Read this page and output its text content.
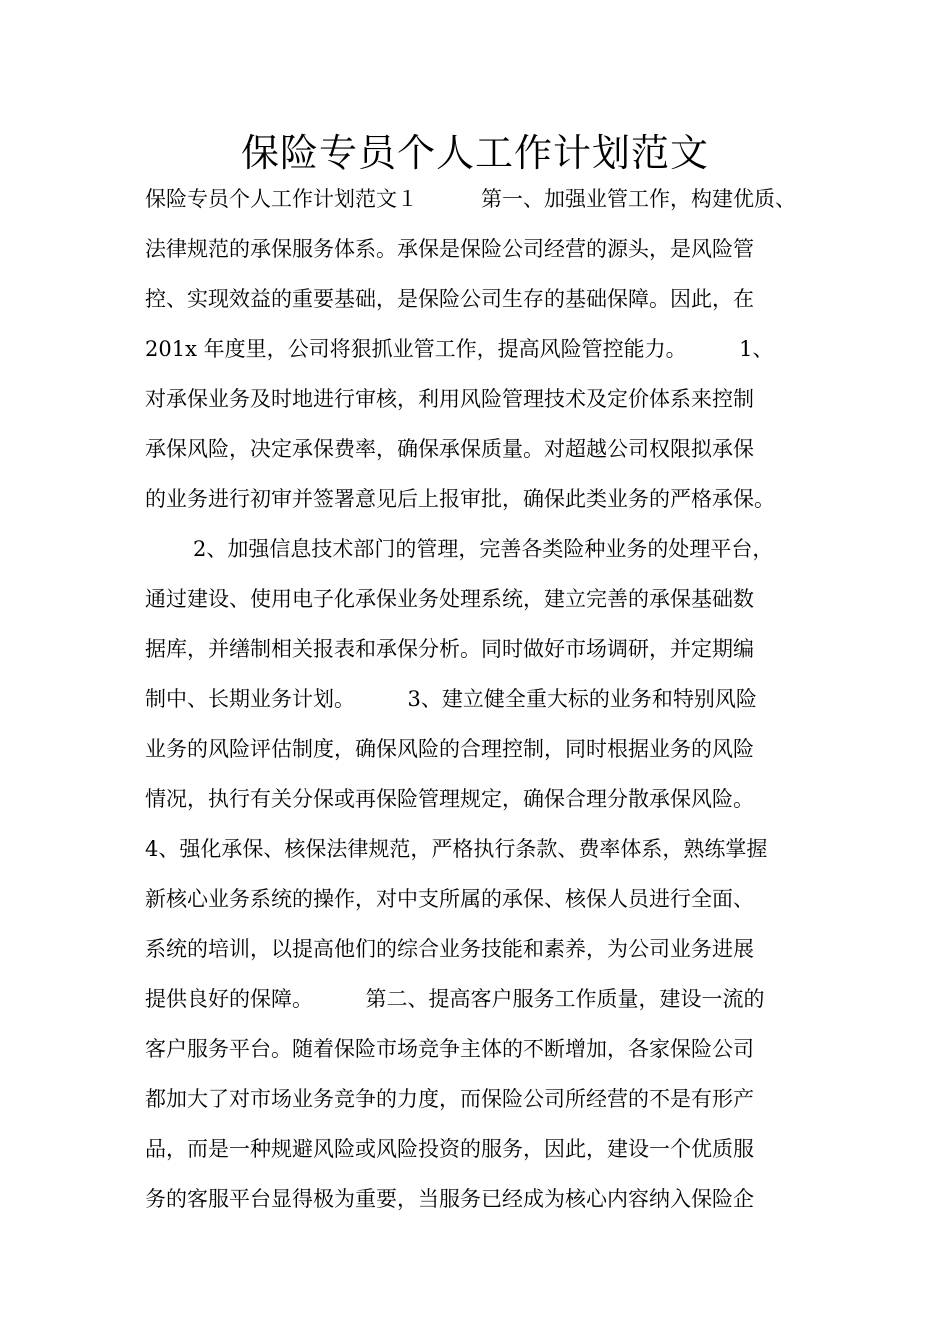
保险专员个人工作计划范文

保险专员个人工作计划范文１　　　第一、加强业管工作，构建优质、

法律规范的承保服务体系。承保是保险公司经营的源头，是风险管

控、实现效益的重要基础，是保险公司生存的基础保障。因此，在

201x 年度里，公司将狠抓业管工作，提高风险管控能力。　　　1、

对承保业务及时地进行审核，利用风险管理技术及定价体系来控制

承保风险，决定承保费率，确保承保质量。对超越公司权限拟承保

的业务进行初审并签署意见后上报审批，确保此类业务的严格承保。

　2、加强信息技术部门的管理，完善各类险种业务的处理平台，

通过建设、使用电子化承保业务处理系统，建立完善的承保基础数

据库，并缮制相关报表和承保分析。同时做好市场调研，并定期编

制中、长期业务计划。　　　3、建立健全重大标的业务和特别风险

业务的风险评估制度，确保风险的合理控制，同时根据业务的风险

情况，执行有关分保或再保险管理规定，确保合理分散承保风险。

4、强化承保、核保法律规范，严格执行条款、费率体系，熟练掌握

新核心业务系统的操作，对中支所属的承保、核保人员进行全面、

系统的培训，以提高他们的综合业务技能和素养，为公司业务进展

提供良好的保障。　　　第二、提高客户服务工作质量，建设一流的

客户服务平台。随着保险市场竞争主体的不断增加，各家保险公司

都加大了对市场业务竞争的力度，而保险公司所经营的不是有形产

品，而是一种规避风险或风险投资的服务，因此，建设一个优质服

务的客服平台显得极为重要，当服务已经成为核心内容纳入保险企
